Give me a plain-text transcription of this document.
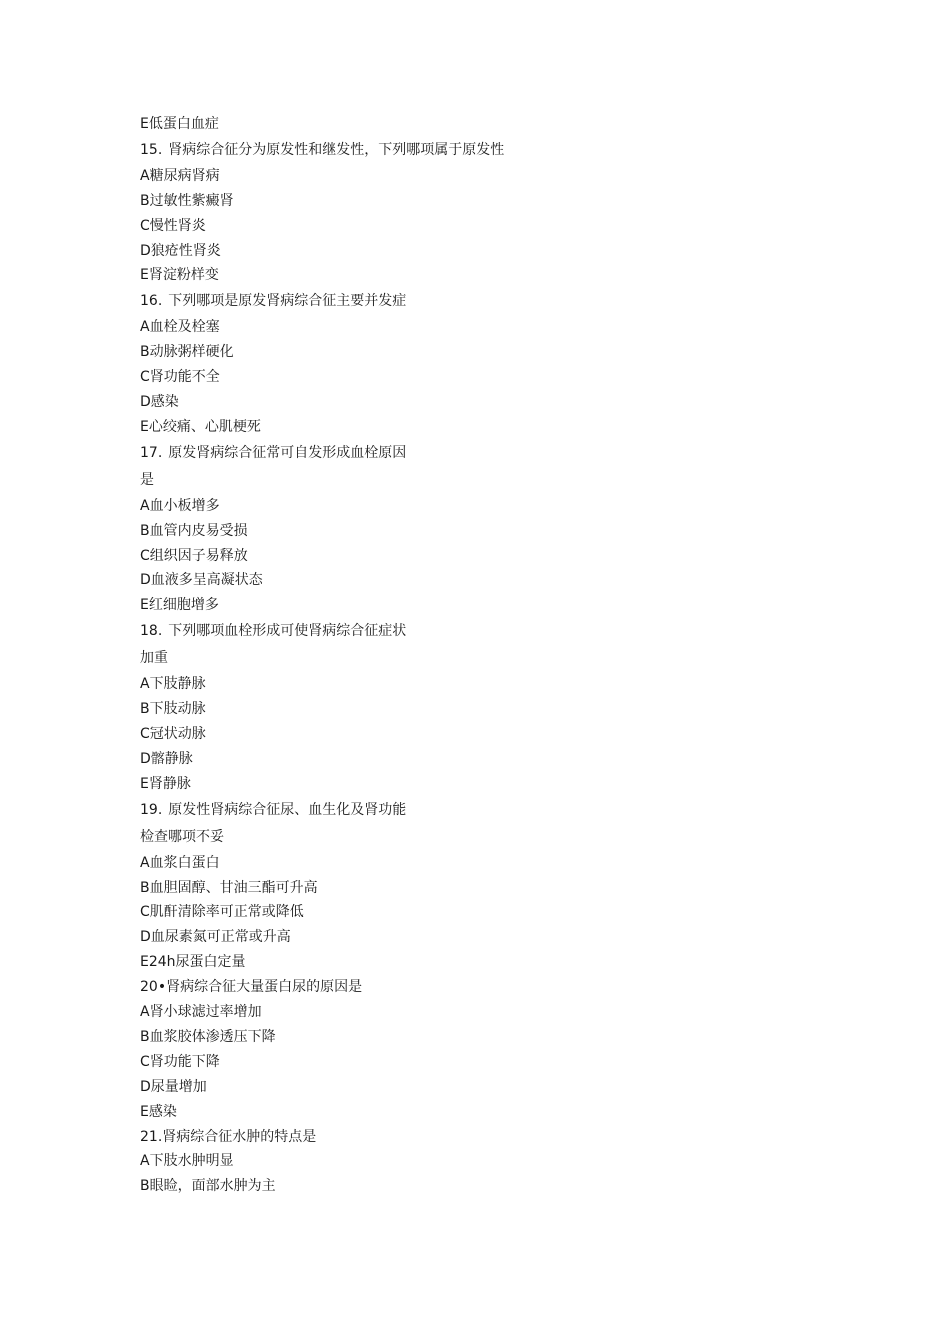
E低蛋白血症
15. 肾病综合征分为原发性和继发性，下列哪项属于原发性
A糖尿病肾病
B过敏性紫癜肾
C慢性肾炎
D狼疮性肾炎
E肾淀粉样变
16. 下列哪项是原发肾病综合征主要并发症
A血栓及栓塞
B动脉粥样硬化
C肾功能不全
D感染
E心绞痛、心肌梗死
17. 原发肾病综合征常可自发形成血栓原因
是
A血小板增多
B血管内皮易受损
C组织因子易释放
D血液多呈高凝状态
E红细胞增多
18. 下列哪项血栓形成可使肾病综合征症状
加重
A下肢静脉
B下肢动脉
C冠状动脉
D髂静脉
E肾静脉
19. 原发性肾病综合征尿、血生化及肾功能
检查哪项不妥
A血浆白蛋白
B血胆固醇、甘油三酯可升高
C肌酐清除率可正常或降低
D血尿素氮可正常或升高
E24h尿蛋白定量
20•肾病综合征大量蛋白尿的原因是
A肾小球滤过率增加
B血浆胶体渗透压下降
C肾功能下降
D尿量增加
E感染
21.肾病综合征水肿的特点是
A下肢水肿明显
B眼睑，面部水肿为主
